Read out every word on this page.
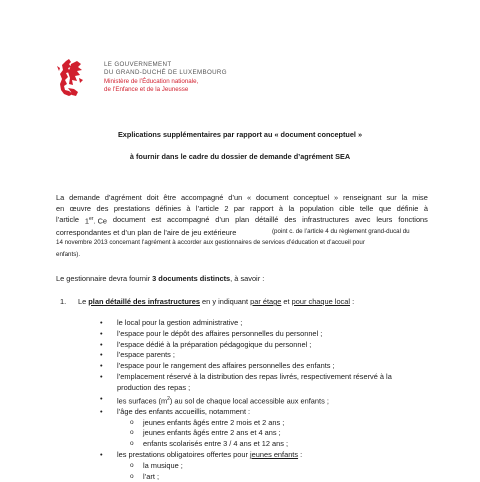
LE GOUVERNEMENT
DU GRAND-DUCHÉ DE LUXEMBOURG
Ministère de l’Éducation nationale,
de l’Enfance et de la Jeunesse
Explications supplémentaires par rapport au « document conceptuel »
à fournir dans le cadre du dossier de demande d’agrément SEA
La demande d’agrément doit être accompagné d’un « document conceptuel » renseignant sur la mise
en œuvre des prestations définies à l’article 2 par rapport à la population cible telle que définie à
l’article 1er. Ce document est accompagné d’un plan détaillé des infrastructures avec leurs fonctions
correspondantes et d’un plan de l’aire de jeu extérieure	(point c. de l’article 4 du règlement grand-ducal du
14 novembre 2013 concernant l’agrément à accorder aux gestionnaires de services d’éducation et d’accueil pour
enfants).
Le gestionnaire devra fournir 3 documents distincts, à savoir :
1. Le plan détaillé des infrastructures en y indiquant par étage et pour chaque local :
• le local pour la gestion administrative ;
• l’espace pour le dépôt des affaires personnelles du personnel ;
• l’espace dédié à la préparation pédagogique du personnel ;
• l’espace parents ;
• l’espace pour le rangement des affaires personnelles des enfants ;
• l’emplacement réservé à la distribution des repas livrés, respectivement réservé à la
production des repas ;
• les surfaces $(m^2)$ au sol de chaque local accessible aux enfants ;
• l’âge des enfants accueillis, notamment :
o jeunes enfants âgés entre 2 mois et 2 ans ;
o jeunes enfants âgés entre 2 ans et 4 ans ;
o enfants scolarisés entre 3 / 4 ans et 12 ans ;
• les prestations obligatoires offertes pour jeunes enfants :
o la musique ;
o l’art ;
